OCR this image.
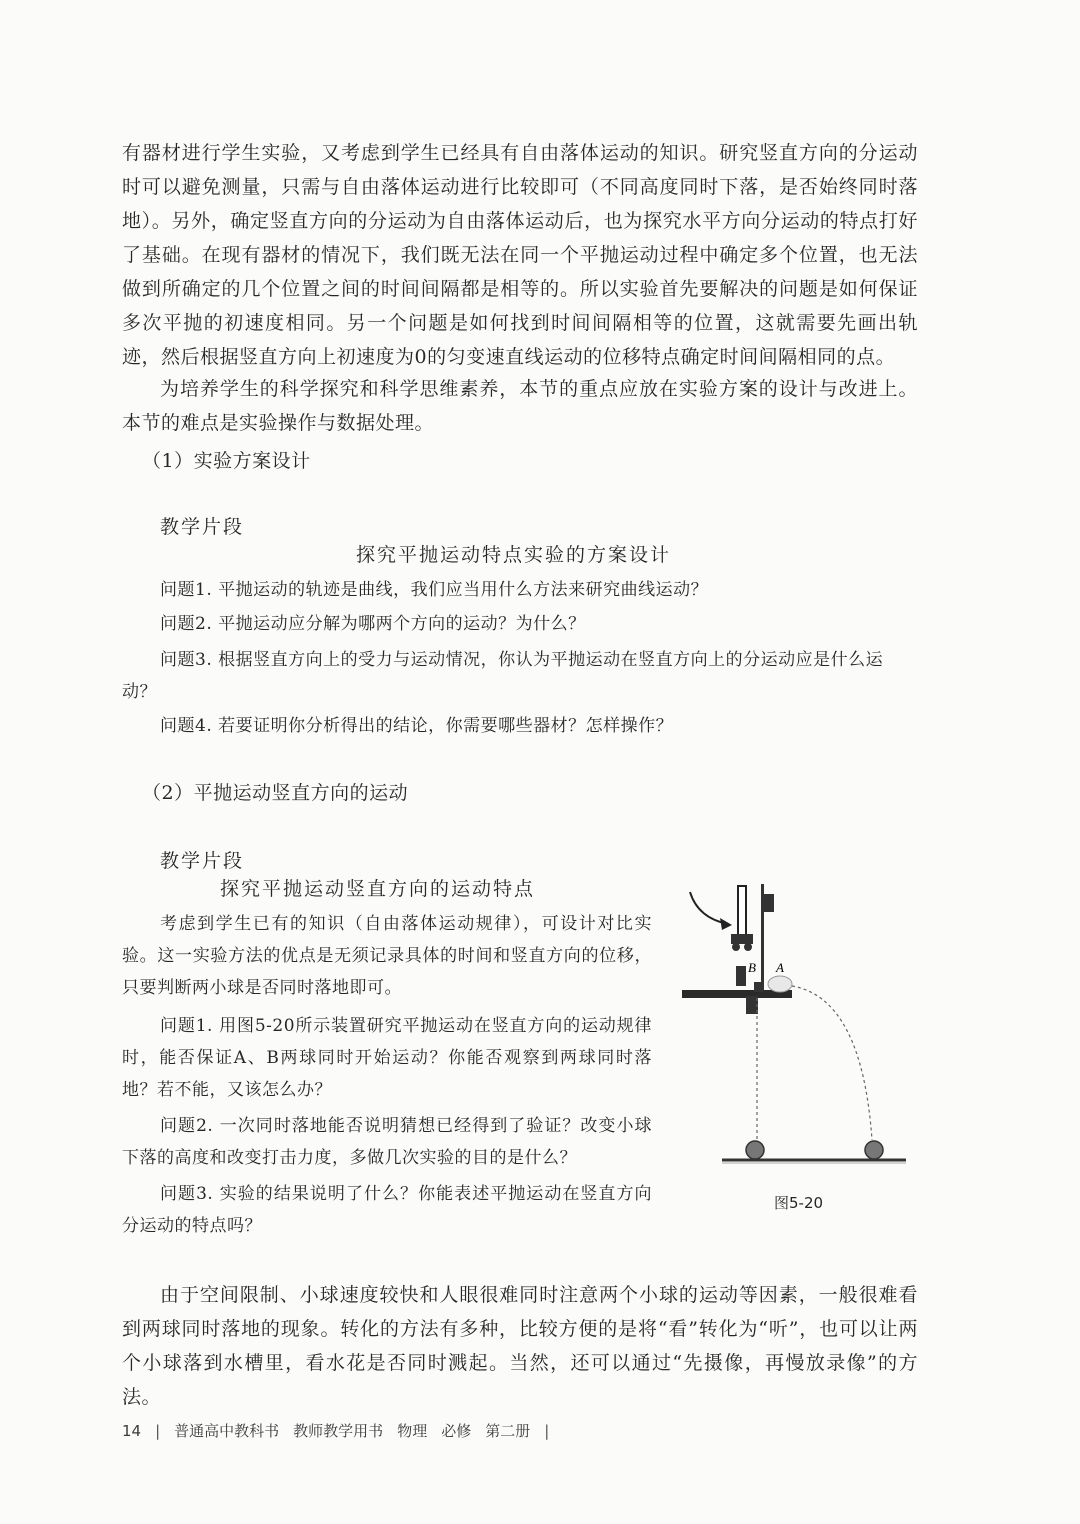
有器材进行学生实验，又考虑到学生已经具有自由落体运动的知识。研究竖直方向的分运动时可以避免测量，只需与自由落体运动进行比较即可（不同高度同时下落，是否始终同时落地）。另外，确定竖直方向的分运动为自由落体运动后，也为探究水平方向分运动的特点打好了基础。在现有器材的情况下，我们既无法在同一个平抛运动过程中确定多个位置，也无法做到所确定的几个位置之间的时间间隔都是相等的。所以实验首先要解决的问题是如何保证多次平抛的初速度相同。另一个问题是如何找到时间间隔相等的位置，这就需要先画出轨迹，然后根据竖直方向上初速度为0的匀变速直线运动的位移特点确定时间间隔相同的点。

为培养学生的科学探究和科学思维素养，本节的重点应放在实验方案的设计与改进上。本节的难点是实验操作与数据处理。

（1）实验方案设计

教学片段

探究平抛运动特点实验的方案设计

问题1. 平抛运动的轨迹是曲线，我们应当用什么方法来研究曲线运动？

问题2. 平抛运动应分解为哪两个方向的运动？为什么？

问题3. 根据竖直方向上的受力与运动情况，你认为平抛运动在竖直方向上的分运动应是什么运动？

问题4. 若要证明你分析得出的结论，你需要哪些器材？怎样操作？

（2）平抛运动竖直方向的运动

教学片段

探究平抛运动竖直方向的运动特点

考虑到学生已有的知识（自由落体运动规律），可设计对比实验。这一实验方法的优点是无须记录具体的时间和竖直方向的位移，只要判断两小球是否同时落地即可。

问题1. 用图5-20所示装置研究平抛运动在竖直方向的运动规律时，能否保证A、B两球同时开始运动？你能否观察到两球同时落地？若不能，又该怎么办？

问题2. 一次同时落地能否说明猜想已经得到了验证？改变小球下落的高度和改变打击力度，多做几次实验的目的是什么？

问题3. 实验的结果说明了什么？你能表述平抛运动在竖直方向分运动的特点吗？

B A
图5-20

由于空间限制、小球速度较快和人眼很难同时注意两个小球的运动等因素，一般很难看到两球同时落地的现象。转化的方法有多种，比较方便的是将“看”转化为“听”，也可以让两个小球落到水槽里，看水花是否同时溅起。当然，还可以通过“先摄像，再慢放录像”的方法。

14 | 普通高中教科书 教师教学用书 物理 必修 第二册 |
